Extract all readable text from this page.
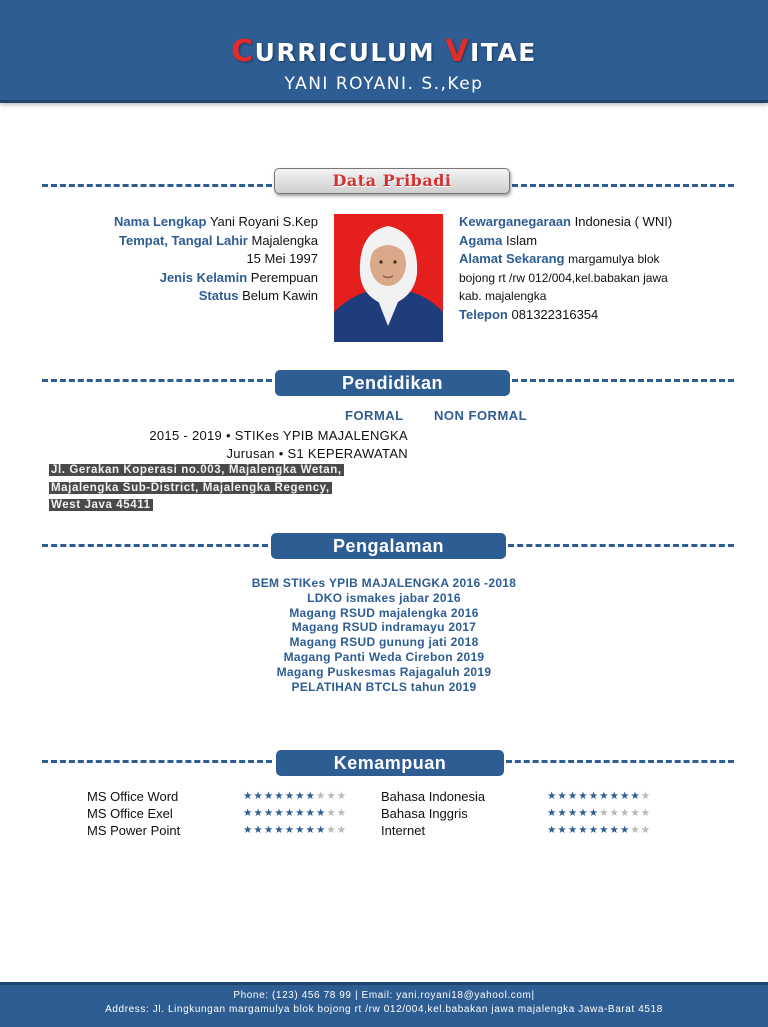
CURRICULUM VITAE
YANI ROYANI. S.,Kep
Data Pribadi
Nama Lengkap Yani Royani S.Kep
Tempat, Tangal Lahir Majalengka
15 Mei 1997
Jenis Kelamin Perempuan
Status Belum Kawin
Kewarganegaraan Indonesia ( WNI)
Agama Islam
Alamat Sekarang margamulya blok
bojong rt /rw 012/004,kel.babakan jawa
kab. majalengka
Telepon 081322316354
Pendidikan
FORMAL NON FORMAL
2015 - 2019 • STIKes YPIB MAJALENGKA
Jurusan • S1 KEPERAWATAN
Jl. Gerakan Koperasi no.003, Majalengka Wetan,
Majalengka Sub-District, Majalengka Regency,
West Java 45411
Pengalaman
BEM STIKes YPIB MAJALENGKA 2016 -2018
LDKO ismakes jabar 2016
Magang RSUD majalengka 2016
Magang RSUD indramayu 2017
Magang RSUD gunung jati 2018
Magang Panti Weda Cirebon 2019
Magang Puskesmas Rajagaluh 2019
PELATIHAN BTCLS tahun 2019
Kemampuan
MS Office Word
MS Office Exel
MS Power Point
★★★★★★★★★★
★★★★★★★★★★
★★★★★★★★★★
Bahasa Indonesia
Bahasa Inggris
Internet
★★★★★★★★★★
★★★★★★★★★★
★★★★★★★★★★
Phone: (123) 456 78 99 | Email: yani.royani18@yahool.com|
Address: Jl. Lingkungan margamulya blok bojong rt /rw 012/004,kel.babakan jawa majalengka Jawa-Barat 4518
